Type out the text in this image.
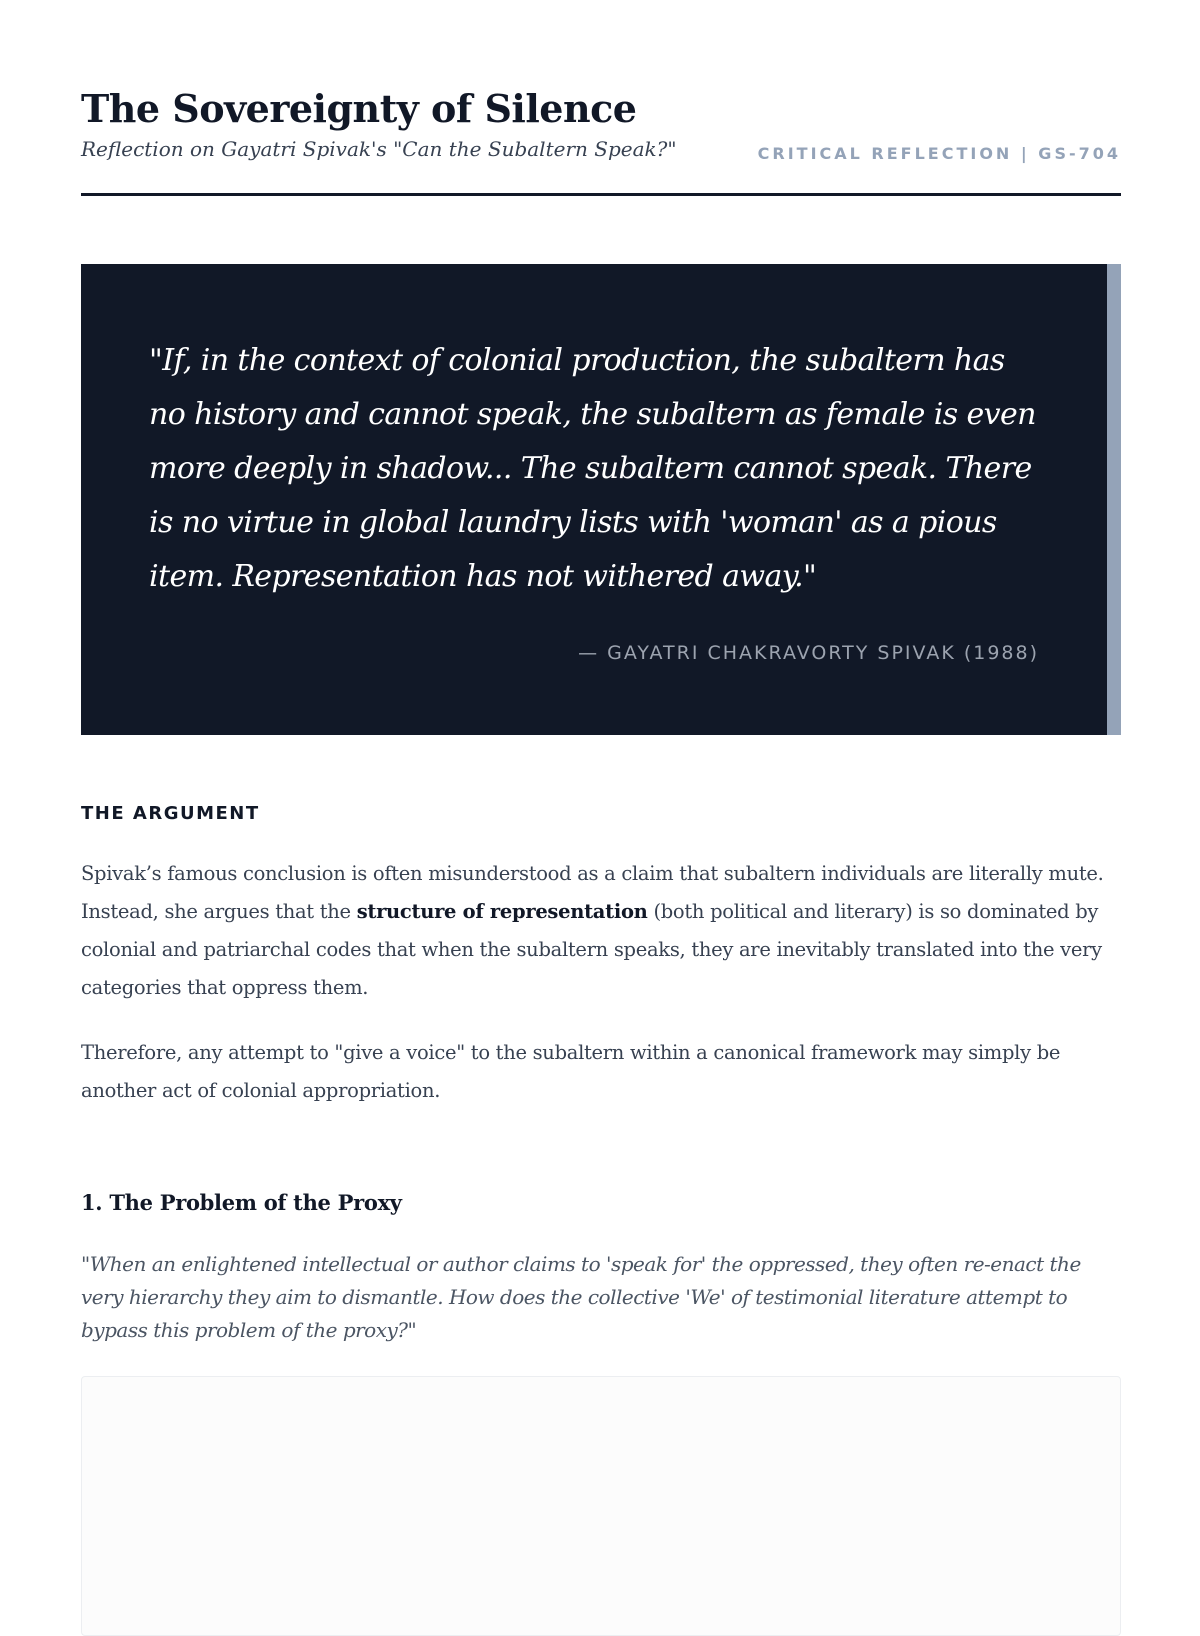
The Sovereignty of Silence
Reflection on Gayatri Spivak's "Can the Subaltern Speak?"	CRITICAL REFLECTION | GS-704

"If, in the context of colonial production, the subaltern has no history and cannot speak, the subaltern as female is even more deeply in shadow... The subaltern cannot speak. There is no virtue in global laundry lists with 'woman' as a pious item. Representation has not withered away."

— GAYATRI CHAKRAVORTY SPIVAK (1988)
THE ARGUMENT

Spivak’s famous conclusion is often misunderstood as a claim that subaltern individuals are literally mute. Instead, she argues that the structure of representation (both political and literary) is so dominated by colonial and patriarchal codes that when the subaltern speaks, they are inevitably translated into the very categories that oppress them.

Therefore, any attempt to "give a voice" to the subaltern within a canonical framework may simply be another act of colonial appropriation.

1. The Problem of the Proxy

"When an enlightened intellectual or author claims to 'speak for' the oppressed, they often re-enact the very hierarchy they aim to dismantle. How does the collective 'We' of testimonial literature attempt to bypass this problem of the proxy?"
